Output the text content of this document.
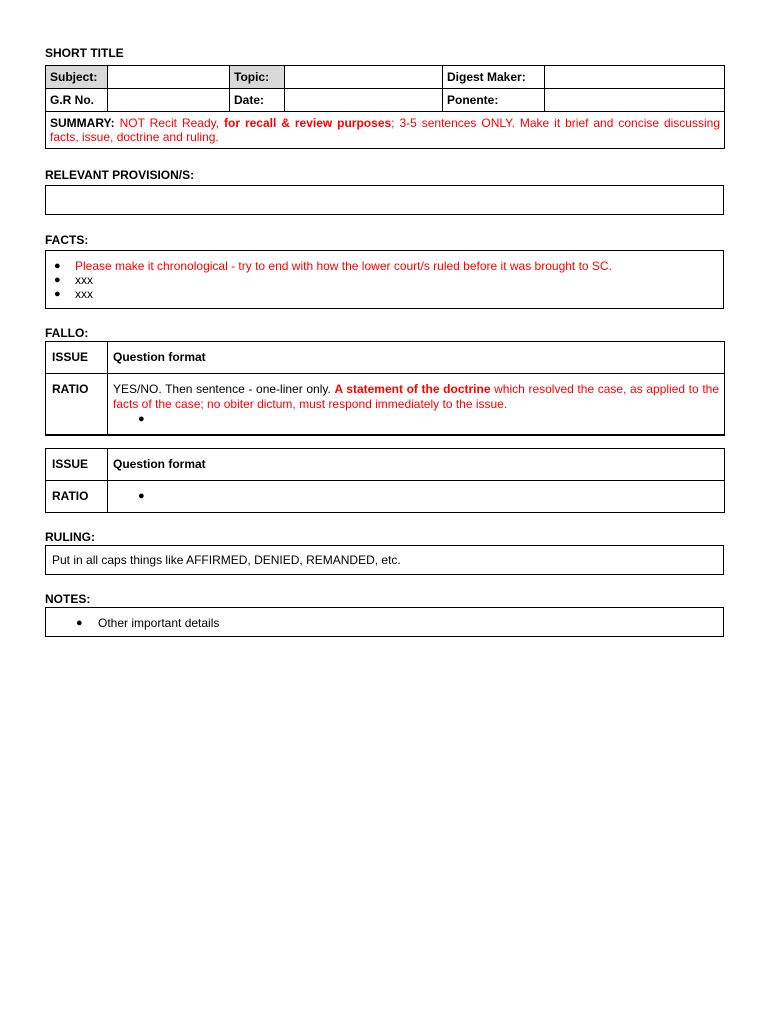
SHORT TITLE
Subject:		Topic:		Digest Maker:	
G.R No.		Date:		Ponente:	
SUMMARY: NOT Recit Ready, for recall & review purposes; 3-5 sentences ONLY. Make it brief and concise discussing facts, issue, doctrine and ruling.					
RELEVANT PROVISION/S:
FACTS:
● Please make it chronological - try to end with how the lower court/s ruled before it was brought to SC.
● xxx
● xxx
FALLO:
ISSUE	Question format
RATIO	YES/NO. Then sentence - one-liner only. A statement of the doctrine which resolved the case, as applied to the facts of the case; no obiter dictum, must respond immediately to the issue.
●
ISSUE	Question format
RATIO	●
RULING:
Put in all caps things like AFFIRMED, DENIED, REMANDED, etc.
NOTES:
● Other important details
